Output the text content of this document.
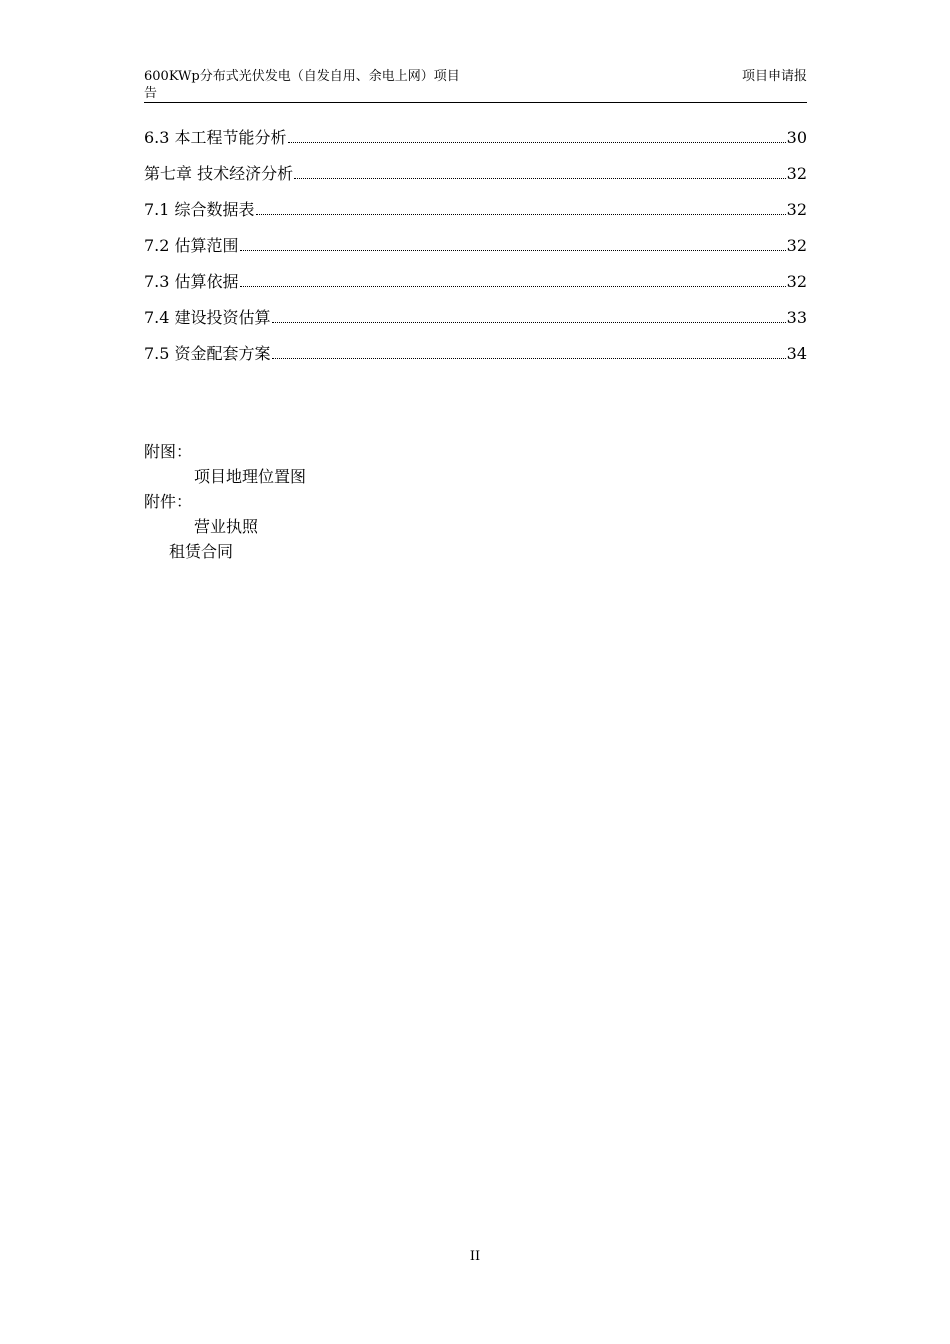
600KWp分布式光伏发电（自发自用、余电上网）项目
告
项目申请报
6.3 本工程节能分析	30
第七章 技术经济分析	32
7.1 综合数据表	32
7.2 估算范围	32
7.3 估算依据	32
7.4 建设投资估算	33
7.5 资金配套方案	34
附图：
项目地理位置图
附件：
营业执照
租赁合同
II
